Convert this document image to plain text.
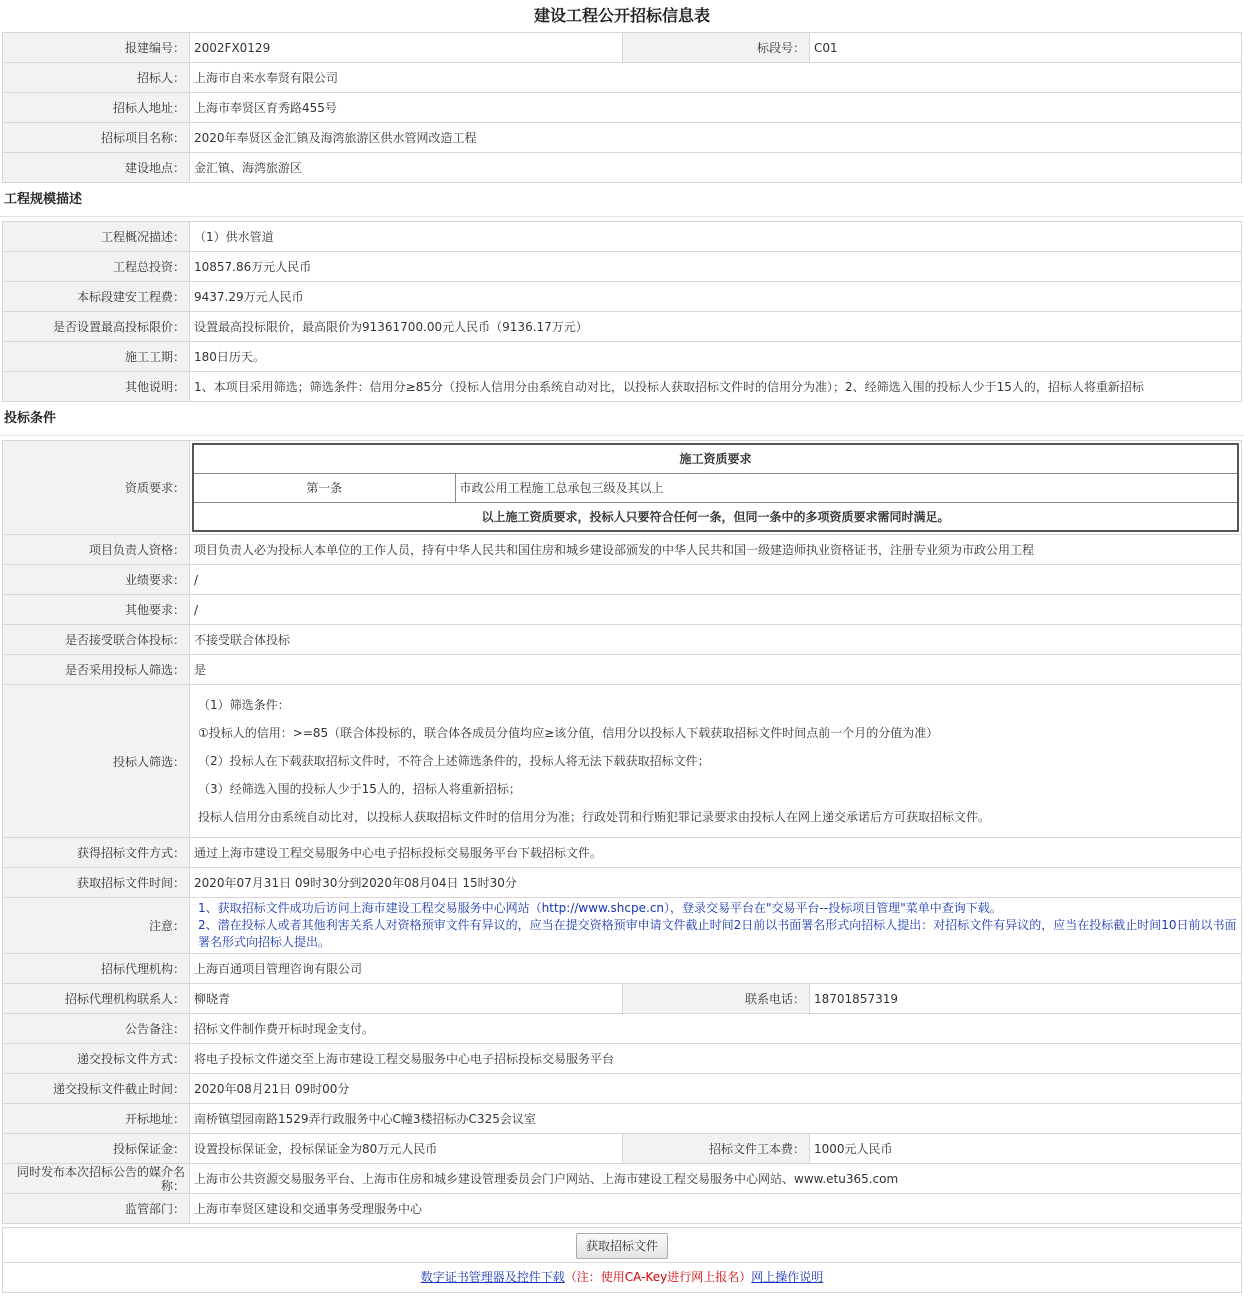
建设工程公开招标信息表
报建编号：	2002FX0129	标段号：	C01
招标人：	上海市自来水奉贤有限公司		
招标人地址：	上海市奉贤区育秀路455号		
招标项目名称：	2020年奉贤区金汇镇及海湾旅游区供水管网改造工程		
建设地点：	金汇镇、海湾旅游区		
工程规模描述
工程概况描述：	（1）供水管道
工程总投资：	10857.86万元人民币
本标段建安工程费：	9437.29万元人民币
是否设置最高投标限价：	设置最高投标限价，最高限价为91361700.00元人民币（9136.17万元）
施工工期：	180日历天。
其他说明：	1、本项目采用筛选；筛选条件：信用分≥85分（投标人信用分由系统自动对比，以投标人获取招标文件时的信用分为准）；2、经筛选入围的投标人少于15人的，招标人将重新招标
投标条件
资质要求：	
施工资质要求
第一条	市政公用工程施工总承包三级及其以上
以上施工资质要求，投标人只要符合任何一条，但同一条中的多项资质要求需同时满足。

项目负责人资格：	项目负责人必为投标人本单位的工作人员，持有中华人民共和国住房和城乡建设部颁发的中华人民共和国一级建造师执业资格证书，注册专业须为市政公用工程
业绩要求：	/
其他要求：	/
是否接受联合体投标：	不接受联合体投标
是否采用投标人筛选：	是
投标人筛选：	
（1）筛选条件：
①投标人的信用：>=85（联合体投标的，联合体各成员分值均应≥该分值，信用分以投标人下载获取招标文件时间点前一个月的分值为准）
（2）投标人在下载获取招标文件时，不符合上述筛选条件的，投标人将无法下载获取招标文件；
（3）经筛选入围的投标人少于15人的，招标人将重新招标；
投标人信用分由系统自动比对，以投标人获取招标文件时的信用分为准；行政处罚和行贿犯罪记录要求由投标人在网上递交承诺后方可获取招标文件。

获得招标文件方式：	通过上海市建设工程交易服务中心电子招标投标交易服务平台下载招标文件。
获取招标文件时间：	2020年07月31日 09时30分到2020年08月04日 15时30分
注意：	
1、获取招标文件成功后访问上海市建设工程交易服务中心网站（http://www.shcpe.cn），登录交易平台在"交易平台--投标项目管理"菜单中查询下载。
2、潜在投标人或者其他利害关系人对资格预审文件有异议的，应当在提交资格预审申请文件截止时间2日前以书面署名形式向招标人提出：对招标文件有异议的，应当在投标截止时间10日前以书面署名形式向招标人提出。

招标代理机构：	上海百通项目管理咨询有限公司
招标代理机构联系人：	柳晓青	联系电话：	18701857319
公告备注：	招标文件制作费开标时现金支付。
递交投标文件方式：	将电子投标文件递交至上海市建设工程交易服务中心电子招标投标交易服务平台
递交投标文件截止时间：	2020年08月21日 09时00分
开标地址：	南桥镇望园南路1529弄行政服务中心C幢3楼招标办C325会议室
投标保证金：	设置投标保证金，投标保证金为80万元人民币	招标文件工本费：	1000元人民币
同时发布本次招标公告的媒介名称：	上海市公共资源交易服务平台、上海市住房和城乡建设管理委员会门户网站、上海市建设工程交易服务中心网站、www.etu365.com
监管部门：	上海市奉贤区建设和交通事务受理服务中心
获取招标文件
数字证书管理器及控件下载（注：使用CA-Key进行网上报名）网上操作说明
